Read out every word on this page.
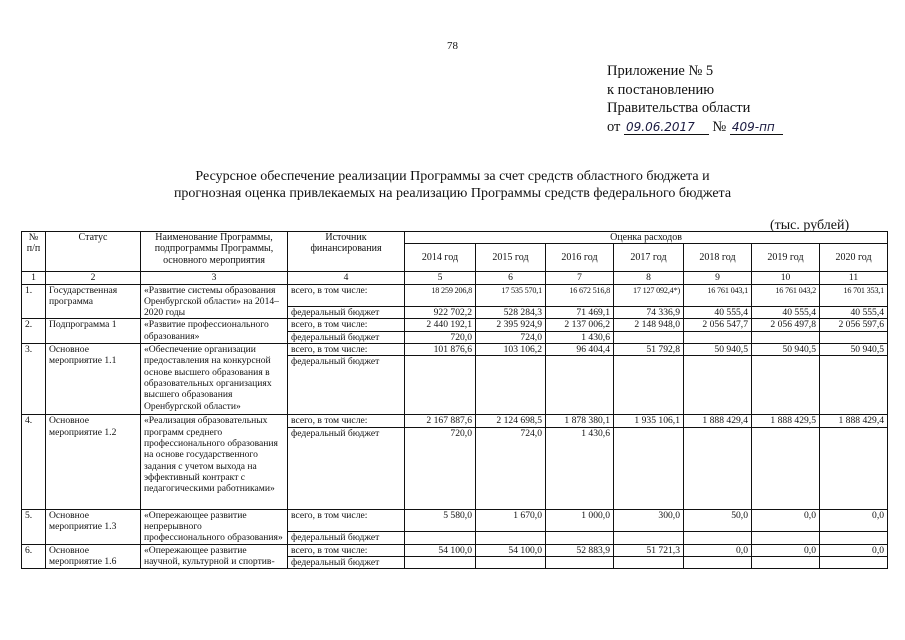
78
Приложение № 5
к постановлению
Правительства области
от 09.06.2017 № 409-пп
Ресурсное обеспечение реализации Программы за счет средств областного бюджета и
прогнозная оценка привлекаемых на реализацию Программы средств федерального бюджета
(тыс. рублей)
№ п/п	Статус	Наименование Программы, подпрограммы Программы, основного мероприятия	Источник финансирования	Оценка расходов						
				2014 год	2015 год	2016 год	2017 год	2018 год	2019 год	2020 год
1	2	3	4	5	6	7	8	9	10	11
1.	Государственная программа	«Развитие системы образования Оренбургской области» на 2014–2020 годы	всего, в том числе:	18 259 206,8	17 535 570,1	16 672 516,8	17 127 092,4*)	16 761 043,1	16 761 043,2	16 701 353,1
			федеральный бюджет	922 702,2	528 284,3	71 469,1	74 336,9	40 555,4	40 555,4	40 555,4
2.	Подпрограмма 1	«Развитие профессионального образования»	всего, в том числе:	2 440 192,1	2 395 924,9	2 137 006,2	2 148 948,0	2 056 547,7	2 056 497,8	2 056 597,6
			федеральный бюджет	720,0	724,0	1 430,6				
3.	Основное мероприятие 1.1	«Обеспечение организации предоставления на конкурсной основе высшего образования в образовательных организациях высшего образования Оренбургской области»	всего, в том числе:	101 876,6	103 106,2	96 404,4	51 792,8	50 940,5	50 940,5	50 940,5
			федеральный бюджет							
4.	Основное мероприятие 1.2	«Реализация образовательных программ среднего профессионального образования на основе государственного задания с учетом выхода на эффективный контракт с педагогическими работниками»	всего, в том числе:	2 167 887,6	2 124 698,5	1 878 380,1	1 935 106,1	1 888 429,4	1 888 429,5	1 888 429,4
			федеральный бюджет	720,0	724,0	1 430,6				
5.	Основное мероприятие 1.3	«Опережающее развитие непрерывного профессионального образования»	всего, в том числе:	5 580,0	1 670,0	1 000,0	300,0	50,0	0,0	0,0
			федеральный бюджет							
6.	Основное мероприятие 1.6	«Опережающее развитие научной, культурной и спортив-	всего, в том числе:	54 100,0	54 100,0	52 883,9	51 721,3	0,0	0,0	0,0
			федеральный бюджет							
